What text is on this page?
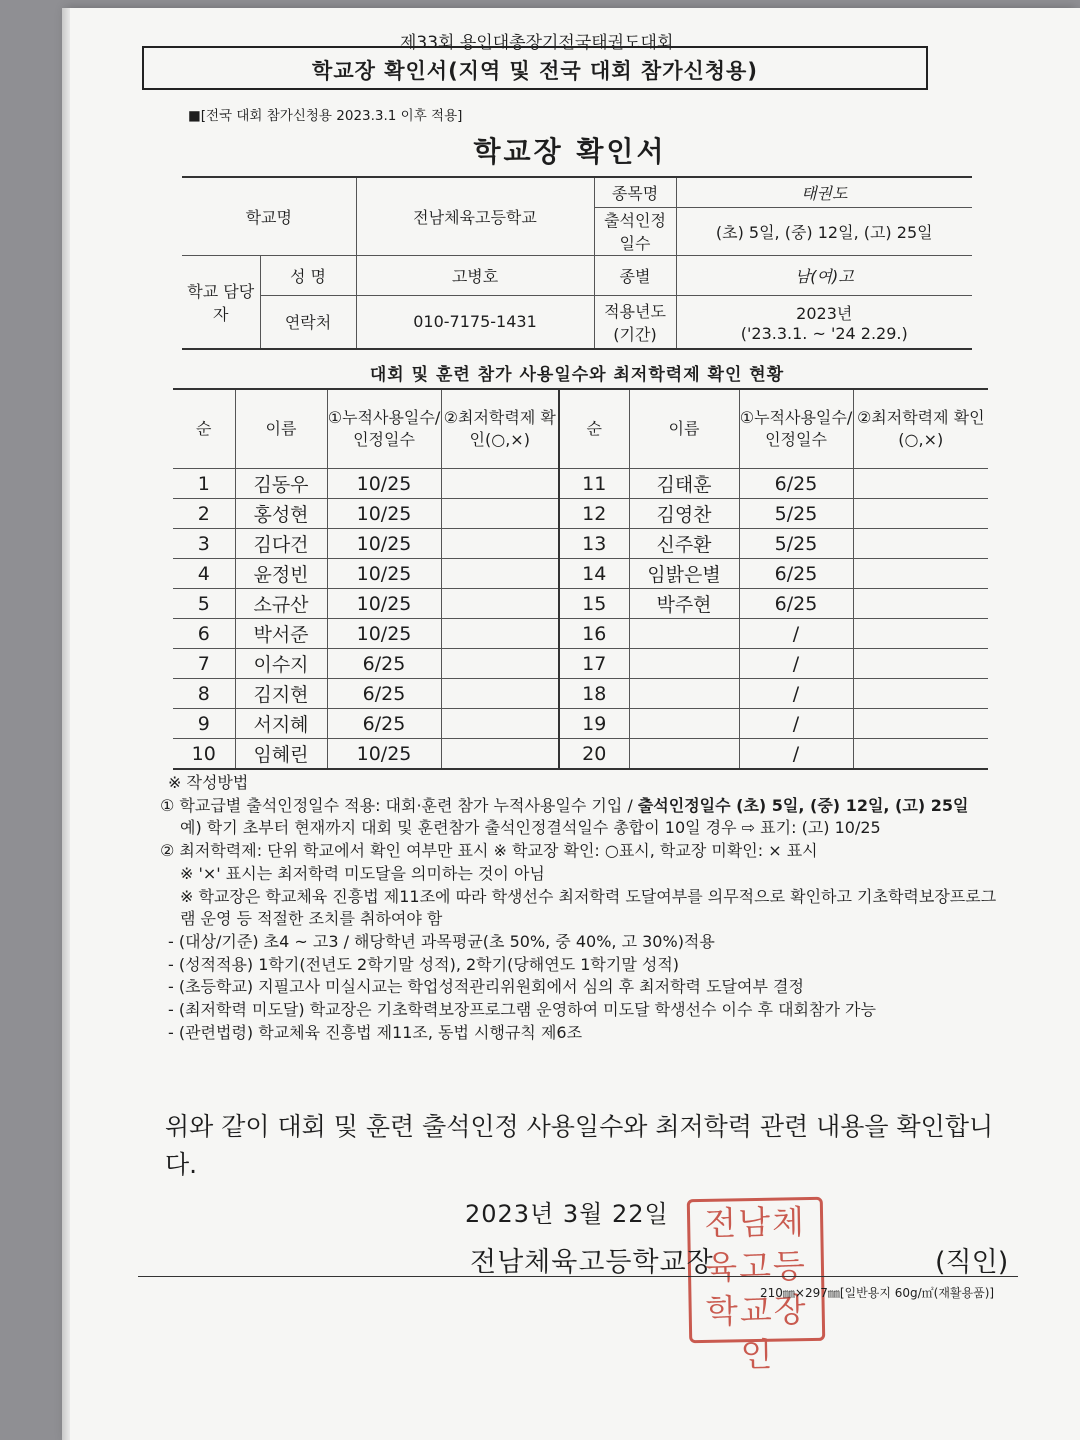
제33회 용인대총장기전국태권도대회
학교장 확인서(지역 및 전국 대회 참가신청용)
■[전국 대회 참가신청용 2023.3.1 이후 적용]
학교장 확인서
학교명		전남체육고등학교	종목명	태권도
			출석인정 일수	(초) 5일, (중) 12일, (고) 25일
학교 담당자	성 명	고병호	종별	남(여)고
	연락처	010-7175-1431	적용년도 (기간)	2023년
('23.3.1. ~ '24 2.29.)
대회 및 훈련 참가 사용일수와 최저학력제 확인 현황
순	이름	①누적사용일수/인정일수	②최저학력제 확인(○,×)	순	이름	①누적사용일수/인정일수	②최저학력제 확인(○,×)
1	김동우	10/25		11	김태훈	6/25	
2	홍성현	10/25		12	김영찬	5/25	
3	김다건	10/25		13	신주환	5/25	
4	윤정빈	10/25		14	임밝은별	6/25	
5	소규산	10/25		15	박주현	6/25	
6	박서준	10/25		16		/	
7	이수지	6/25		17		/	
8	김지현	6/25		18		/	
9	서지혜	6/25		19		/	
10	임혜린	10/25		20		/	
※ 작성방법
① 학교급별 출석인정일수 적용: 대회·훈련 참가 누적사용일수 기입 / 출석인정일수 (초) 5일, (중) 12일, (고) 25일
예) 학기 초부터 현재까지 대회 및 훈련참가 출석인정결석일수 총합이 10일 경우 ⇨ 표기: (고) 10/25
② 최저학력제: 단위 학교에서 확인 여부만 표시 ※ 학교장 확인: ○표시, 학교장 미확인: × 표시
※ '×' 표시는 최저학력 미도달을 의미하는 것이 아님
※ 학교장은 학교체육 진흥법 제11조에 따라 학생선수 최저학력 도달여부를 의무적으로 확인하고 기초학력보장프로그램 운영 등 적절한 조치를 취하여야 함
- (대상/기준) 초4 ~ 고3 / 해당학년 과목평균(초 50%, 중 40%, 고 30%)적용
- (성적적용) 1학기(전년도 2학기말 성적), 2학기(당해연도 1학기말 성적)
- (초등학교) 지필고사 미실시교는 학업성적관리위원회에서 심의 후 최저학력 도달여부 결정
- (최저학력 미도달) 학교장은 기초학력보장프로그램 운영하여 미도달 학생선수 이수 후 대회참가 가능
- (관련법령) 학교체육 진흥법 제11조, 동법 시행규칙 제6조
위와 같이 대회 및 훈련 출석인정 사용일수와 최저학력 관련 내용을 확인합니다.
2023년 3월 22일	전남체육고등학교장인
전남체육고등학교장	(직인)
210㎜×297㎜[일반용지 60g/㎡(재활용품)]
